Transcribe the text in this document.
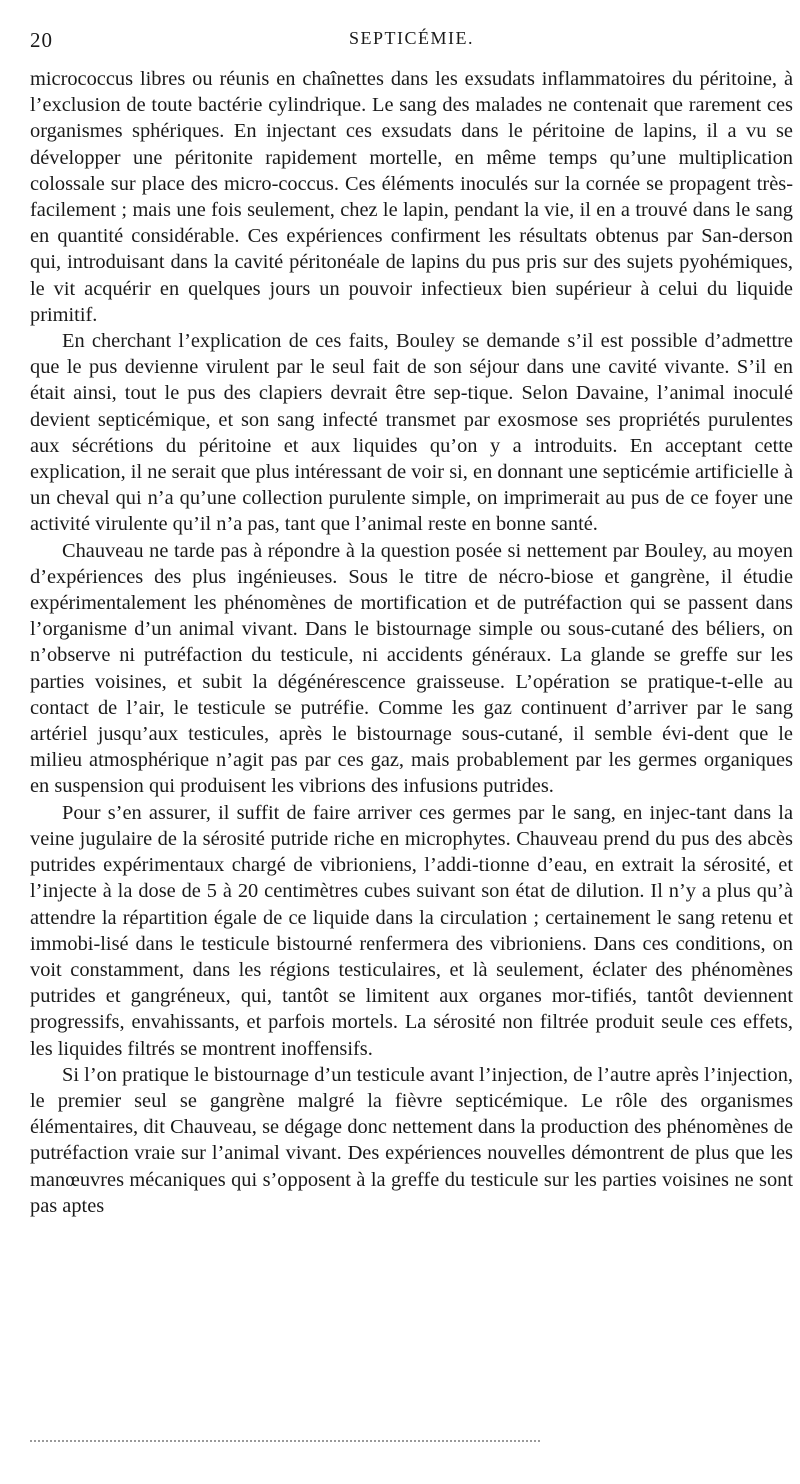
20	SEPTICÉMIE.

micrococcus libres ou réunis en chaînettes dans les exsudats inflammatoires du péritoine, à l’exclusion de toute bactérie cylindrique. Le sang des malades ne contenait que rarement ces organismes sphériques. En injectant ces exsudats dans le péritoine de lapins, il a vu se développer une péritonite rapidement mortelle, en même temps qu’une multiplication colossale sur place des micro-coccus. Ces éléments inoculés sur la cornée se propagent très-facilement ; mais une fois seulement, chez le lapin, pendant la vie, il en a trouvé dans le sang en quantité considérable. Ces expériences confirment les résultats obtenus par San-derson qui, introduisant dans la cavité péritonéale de lapins du pus pris sur des sujets pyohémiques, le vit acquérir en quelques jours un pouvoir infectieux bien supérieur à celui du liquide primitif.

En cherchant l’explication de ces faits, Bouley se demande s’il est possible d’admettre que le pus devienne virulent par le seul fait de son séjour dans une cavité vivante. S’il en était ainsi, tout le pus des clapiers devrait être sep-tique. Selon Davaine, l’animal inoculé devient septicémique, et son sang infecté transmet par exosmose ses propriétés purulentes aux sécrétions du péritoine et aux liquides qu’on y a introduits. En acceptant cette explication, il ne serait que plus intéressant de voir si, en donnant une septicémie artificielle à un cheval qui n’a qu’une collection purulente simple, on imprimerait au pus de ce foyer une activité virulente qu’il n’a pas, tant que l’animal reste en bonne santé.

Chauveau ne tarde pas à répondre à la question posée si nettement par Bouley, au moyen d’expériences des plus ingénieuses. Sous le titre de nécro-biose et gangrène, il étudie expérimentalement les phénomènes de mortification et de putréfaction qui se passent dans l’organisme d’un animal vivant. Dans le bistournage simple ou sous-cutané des béliers, on n’observe ni putréfaction du testicule, ni accidents généraux. La glande se greffe sur les parties voisines, et subit la dégénérescence graisseuse. L’opération se pratique-t-elle au contact de l’air, le testicule se putréfie. Comme les gaz continuent d’arriver par le sang artériel jusqu’aux testicules, après le bistournage sous-cutané, il semble évi-dent que le milieu atmosphérique n’agit pas par ces gaz, mais probablement par les germes organiques en suspension qui produisent les vibrions des infusions putrides.

Pour s’en assurer, il suffit de faire arriver ces germes par le sang, en injec-tant dans la veine jugulaire de la sérosité putride riche en microphytes. Chauveau prend du pus des abcès putrides expérimentaux chargé de vibrioniens, l’addi-tionne d’eau, en extrait la sérosité, et l’injecte à la dose de 5 à 20 centimètres cubes suivant son état de dilution. Il n’y a plus qu’à attendre la répartition égale de ce liquide dans la circulation ; certainement le sang retenu et immobi-lisé dans le testicule bistourné renfermera des vibrioniens. Dans ces conditions, on voit constamment, dans les régions testiculaires, et là seulement, éclater des phénomènes putrides et gangréneux, qui, tantôt se limitent aux organes mor-tifiés, tantôt deviennent progressifs, envahissants, et parfois mortels. La sérosité non filtrée produit seule ces effets, les liquides filtrés se montrent inoffensifs.

Si l’on pratique le bistournage d’un testicule avant l’injection, de l’autre après l’injection, le premier seul se gangrène malgré la fièvre septicémique. Le rôle des organismes élémentaires, dit Chauveau, se dégage donc nettement dans la production des phénomènes de putréfaction vraie sur l’animal vivant. Des expériences nouvelles démontrent de plus que les manœuvres mécaniques qui s’opposent à la greffe du testicule sur les parties voisines ne sont pas aptes
